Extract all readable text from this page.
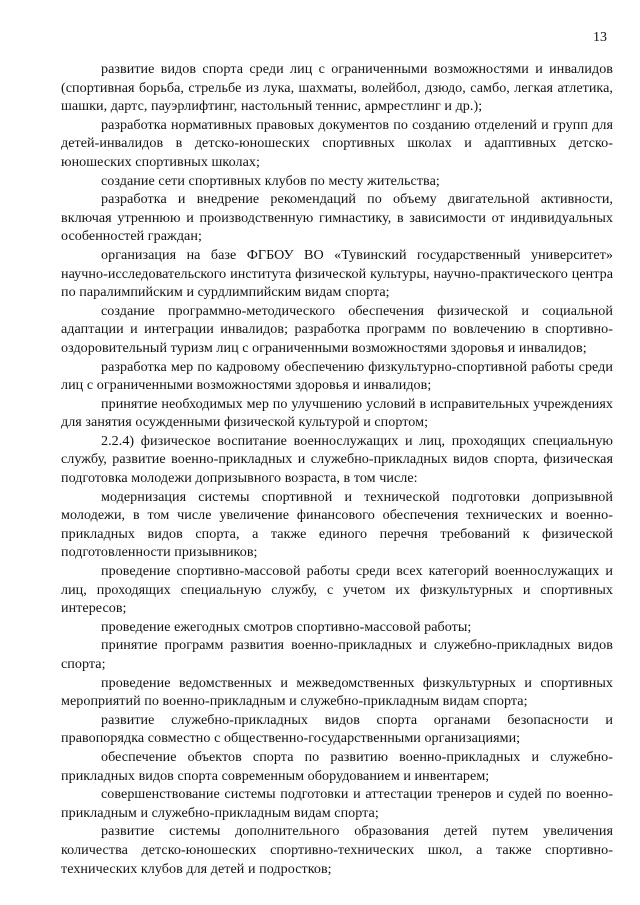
13

развитие видов спорта среди лиц с ограниченными возможностями и инвалидов (спортивная борьба, стрельбе из лука, шахматы, волейбол, дзюдо, самбо, легкая атлетика, шашки, дартс, пауэрлифтинг, настольный теннис, армрестлинг и др.);

разработка нормативных правовых документов по созданию отделений и групп для детей-инвалидов в детско-юношеских спортивных школах и адаптивных детско-юношеских спортивных школах;

создание сети спортивных клубов по месту жительства;

разработка и внедрение рекомендаций по объему двигательной активности, включая утреннюю и производственную гимнастику, в зависимости от индивидуальных особенностей граждан;

организация на базе ФГБОУ ВО «Тувинский государственный университет» научно-исследовательского института физической культуры, научно-практического центра по паралимпийским и сурдлимпийским видам спорта;

создание программно-методического обеспечения физической и социальной адаптации и интеграции инвалидов; разработка программ по вовлечению в спортивно-оздоровительный туризм лиц с ограниченными возможностями здоровья и инвалидов;

разработка мер по кадровому обеспечению физкультурно-спортивной работы среди лиц с ограниченными возможностями здоровья и инвалидов;

принятие необходимых мер по улучшению условий в исправительных учреждениях для занятия осужденными физической культурой и спортом;

2.2.4) физическое воспитание военнослужащих и лиц, проходящих специальную службу, развитие военно-прикладных и служебно-прикладных видов спорта, физическая подготовка молодежи допризывного возраста, в том числе:

модернизация системы спортивной и технической подготовки допризывной молодежи, в том числе увеличение финансового обеспечения технических и военно-прикладных видов спорта, а также единого перечня требований к физической подготовленности призывников;

проведение спортивно-массовой работы среди всех категорий военнослужащих и лиц, проходящих специальную службу, с учетом их физкультурных и спортивных интересов;

проведение ежегодных смотров спортивно-массовой работы;

принятие программ развития военно-прикладных и служебно-прикладных видов спорта;

проведение ведомственных и межведомственных физкультурных и спортивных мероприятий по военно-прикладным и служебно-прикладным видам спорта;

развитие служебно-прикладных видов спорта органами безопасности и правопорядка совместно с общественно-государственными организациями;

обеспечение объектов спорта по развитию военно-прикладных и служебно-прикладных видов спорта современным оборудованием и инвентарем;

совершенствование системы подготовки и аттестации тренеров и судей по военно-прикладным и служебно-прикладным видам спорта;

развитие системы дополнительного образования детей путем увеличения количества детско-юношеских спортивно-технических школ, а также спортивно-технических клубов для детей и подростков;
